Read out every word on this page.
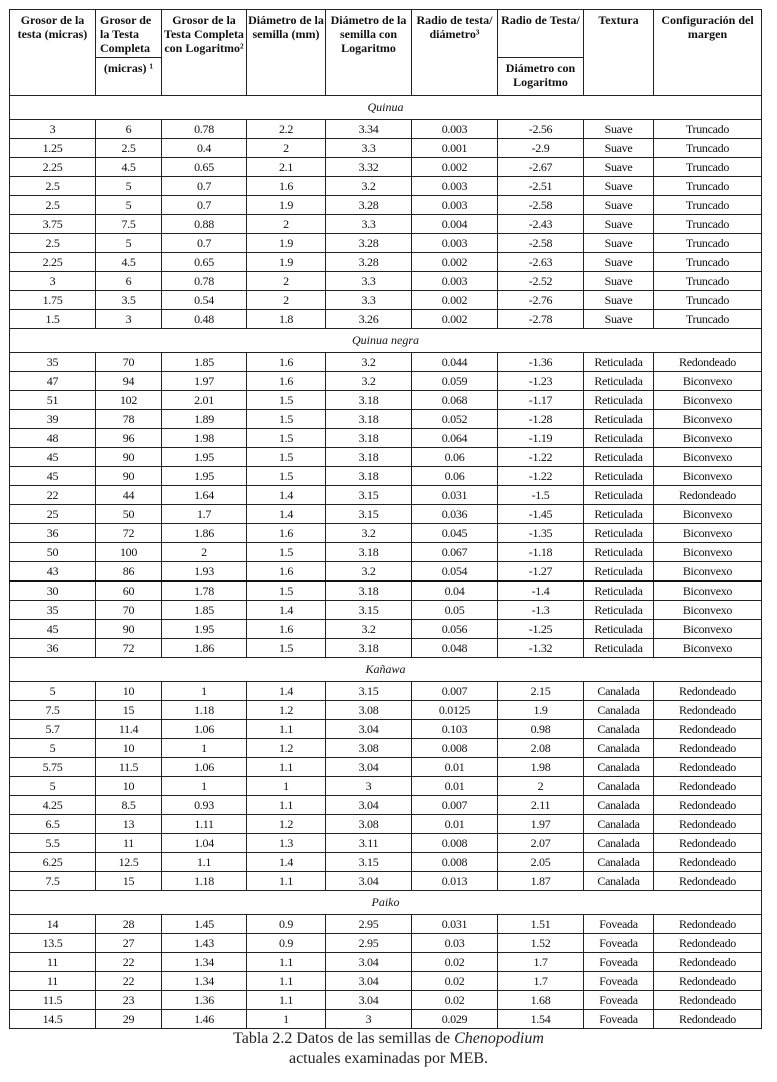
Grosor de la testa (micras)	Grosor de la Testa Completa	Grosor de la Testa Completa con Logaritmo²	Diámetro de la semilla (mm)	Diámetro de la semilla con Logaritmo	Radio de testa/ diámetro³	Radio de Testa/	Textura	Configuración del margen
	(micras) ¹					Diámetro con Logaritmo		
Quinua								
3	6	0.78	2.2	3.34	0.003	-2.56	Suave	Truncado
1.25	2.5	0.4	2	3.3	0.001	-2.9	Suave	Truncado
2.25	4.5	0.65	2.1	3.32	0.002	-2.67	Suave	Truncado
2.5	5	0.7	1.6	3.2	0.003	-2.51	Suave	Truncado
2.5	5	0.7	1.9	3.28	0.003	-2.58	Suave	Truncado
3.75	7.5	0.88	2	3.3	0.004	-2.43	Suave	Truncado
2.5	5	0.7	1.9	3.28	0.003	-2.58	Suave	Truncado
2.25	4.5	0.65	1.9	3.28	0.002	-2.63	Suave	Truncado
3	6	0.78	2	3.3	0.003	-2.52	Suave	Truncado
1.75	3.5	0.54	2	3.3	0.002	-2.76	Suave	Truncado
1.5	3	0.48	1.8	3.26	0.002	-2.78	Suave	Truncado
Quinua negra								
35	70	1.85	1.6	3.2	0.044	-1.36	Reticulada	Redondeado
47	94	1.97	1.6	3.2	0.059	-1.23	Reticulada	Biconvexo
51	102	2.01	1.5	3.18	0.068	-1.17	Reticulada	Biconvexo
39	78	1.89	1.5	3.18	0.052	-1.28	Reticulada	Biconvexo
48	96	1.98	1.5	3.18	0.064	-1.19	Reticulada	Biconvexo
45	90	1.95	1.5	3.18	0.06	-1.22	Reticulada	Biconvexo
45	90	1.95	1.5	3.18	0.06	-1.22	Reticulada	Biconvexo
22	44	1.64	1.4	3.15	0.031	-1.5	Reticulada	Redondeado
25	50	1.7	1.4	3.15	0.036	-1.45	Reticulada	Biconvexo
36	72	1.86	1.6	3.2	0.045	-1.35	Reticulada	Biconvexo
50	100	2	1.5	3.18	0.067	-1.18	Reticulada	Biconvexo
43	86	1.93	1.6	3.2	0.054	-1.27	Reticulada	Biconvexo
30	60	1.78	1.5	3.18	0.04	-1.4	Reticulada	Biconvexo
35	70	1.85	1.4	3.15	0.05	-1.3	Reticulada	Biconvexo
45	90	1.95	1.6	3.2	0.056	-1.25	Reticulada	Biconvexo
36	72	1.86	1.5	3.18	0.048	-1.32	Reticulada	Biconvexo
Kañawa								
5	10	1	1.4	3.15	0.007	2.15	Canalada	Redondeado
7.5	15	1.18	1.2	3.08	0.0125	1.9	Canalada	Redondeado
5.7	11.4	1.06	1.1	3.04	0.103	0.98	Canalada	Redondeado
5	10	1	1.2	3.08	0.008	2.08	Canalada	Redondeado
5.75	11.5	1.06	1.1	3.04	0.01	1.98	Canalada	Redondeado
5	10	1	1	3	0.01	2	Canalada	Redondeado
4.25	8.5	0.93	1.1	3.04	0.007	2.11	Canalada	Redondeado
6.5	13	1.11	1.2	3.08	0.01	1.97	Canalada	Redondeado
5.5	11	1.04	1.3	3.11	0.008	2.07	Canalada	Redondeado
6.25	12.5	1.1	1.4	3.15	0.008	2.05	Canalada	Redondeado
7.5	15	1.18	1.1	3.04	0.013	1.87	Canalada	Redondeado
Paiko								
14	28	1.45	0.9	2.95	0.031	1.51	Foveada	Redondeado
13.5	27	1.43	0.9	2.95	0.03	1.52	Foveada	Redondeado
11	22	1.34	1.1	3.04	0.02	1.7	Foveada	Redondeado
11	22	1.34	1.1	3.04	0.02	1.7	Foveada	Redondeado
11.5	23	1.36	1.1	3.04	0.02	1.68	Foveada	Redondeado
14.5	29	1.46	1	3	0.029	1.54	Foveada	Redondeado
Tabla 2.2 Datos de las semillas de Chenopodium
actuales examinadas por MEB.
